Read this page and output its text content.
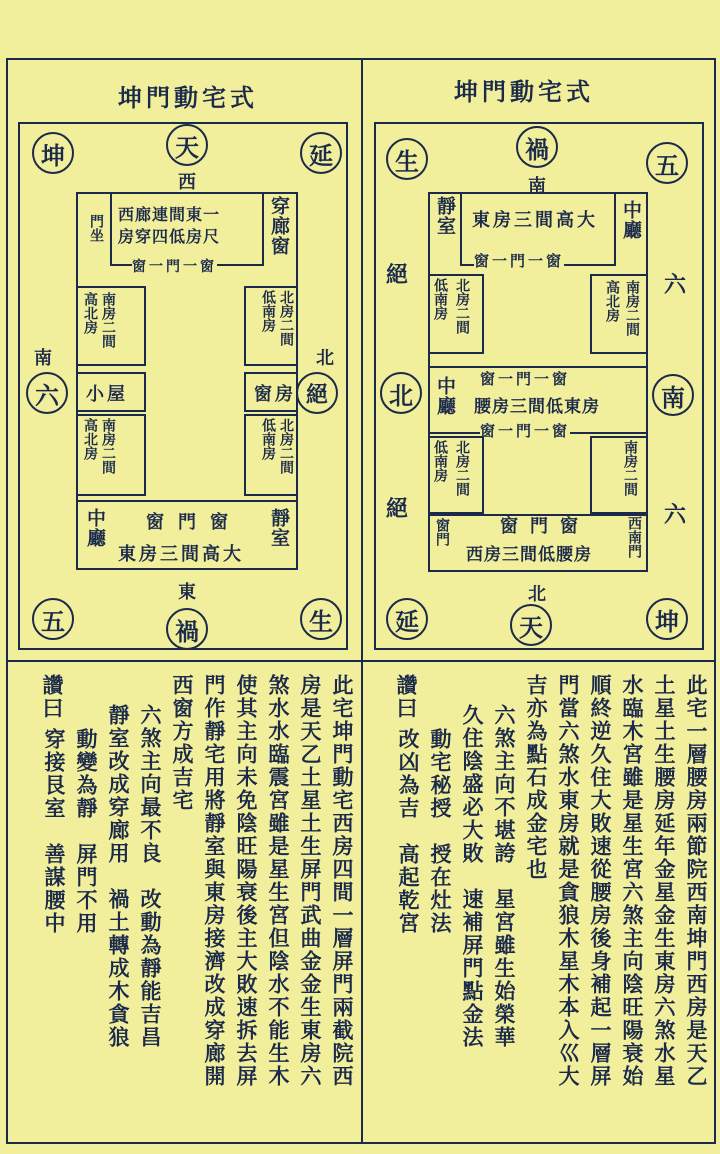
坤門動宅式
坤	天	延
六
五	禍	生
西
東
南	北
絕
西廊連間東一
房穿四低房尺
窗一門一窗
穿廊窗
門坐
高北房 南房二間	北房二間
低南房
小屋	窗房
高北房 南房二間	北房二間
低南房
中廳	靜室
窗門窗
東房三間高大
坤門動宅式
生	禍
五
北	南
延	天	坤
絕
絕
六
六
南
北
東房三間高大
窗一門一窗
靜室	中廳
低南房 北房二間	高北房 南房二間
中廳 窗一門一窗
腰房三間低東房
窗一門一窗
低南房 北房二間	南房二間
窗門	西南門
窗門窗
西房三間低腰房
此宅坤門動宅西房四間一層屏門兩截院西
房是天乙土星土生屏門武曲金金生東房六
煞水水臨震宮雖是星生宮但陰水不能生木
使其主向未免陰旺陽衰後主大敗速拆去屏
門作靜宅用將靜室與東房接濟改成穿廊開
西窗方成吉宅
六煞主向最不良　改動為靜能吉昌
靜室改成穿廊用　禍土轉成木貪狼
動變為靜　屏門不用
穿接艮室　善謀腰中
讚曰	此宅一層腰房兩節院西南坤門西房是天乙
土星土生腰房延年金星金生東房六煞水星
水臨木宮雖是星生宮六煞主向陰旺陽衰始
順終逆久住大敗速從腰房後身補起一層屏
門當六煞水東房就是貪狼木星木本入巛大
吉亦為點石成金宅也
六煞主向不堪誇　星宮雖生始榮華
久住陰盛必大敗　速補屏門點金法
動宅秘授　授在灶法
改凶為吉　高起乾宮
讚曰
